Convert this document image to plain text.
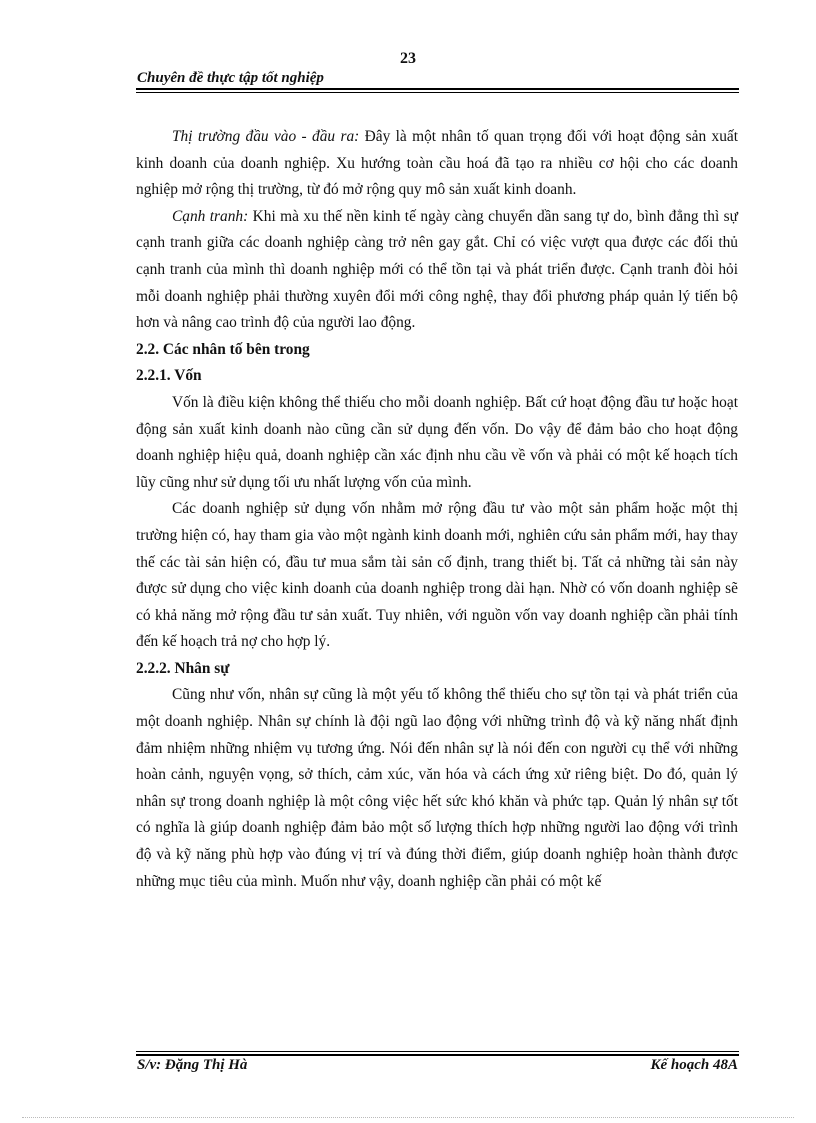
23
Chuyên đề thực tập tốt nghiệp

Thị trường đầu vào - đầu ra: Đây là một nhân tố quan trọng đối với hoạt động sản xuất kinh doanh của doanh nghiệp. Xu hướng toàn cầu hoá đã tạo ra nhiều cơ hội cho các doanh nghiệp mở rộng thị trường, từ đó mở rộng quy mô sản xuất kinh doanh.

Cạnh tranh: Khi mà xu thế nền kinh tế ngày càng chuyển dần sang tự do, bình đẳng thì sự cạnh tranh giữa các doanh nghiệp càng trở nên gay gắt. Chỉ có việc vượt qua được các đối thủ cạnh tranh của mình thì doanh nghiệp mới có thể tồn tại và phát triển được. Cạnh tranh đòi hỏi mỗi doanh nghiệp phải thường xuyên đổi mới công nghệ, thay đổi phương pháp quản lý tiến bộ hơn và nâng cao trình độ của người lao động.

2.2. Các nhân tố bên trong
2.2.1. Vốn

Vốn là điều kiện không thể thiếu cho mỗi doanh nghiệp. Bất cứ hoạt động đầu tư hoặc hoạt động sản xuất kinh doanh nào cũng cần sử dụng đến vốn. Do vậy để đảm bảo cho hoạt động doanh nghiệp hiệu quả, doanh nghiệp cần xác định nhu cầu về vốn và phải có một kế hoạch tích lũy cũng như sử dụng tối ưu nhất lượng vốn của mình.

Các doanh nghiệp sử dụng vốn nhằm mở rộng đầu tư vào một sản phẩm hoặc một thị trường hiện có, hay tham gia vào một ngành kinh doanh mới, nghiên cứu sản phẩm mới, hay thay thế các tài sản hiện có, đầu tư mua sắm tài sản cố định, trang thiết bị. Tất cả những tài sản này được sử dụng cho việc kinh doanh của doanh nghiệp trong dài hạn. Nhờ có vốn doanh nghiệp sẽ có khả năng mở rộng đầu tư sản xuất. Tuy nhiên, với nguồn vốn vay doanh nghiệp cần phải tính đến kế hoạch trả nợ cho hợp lý.

2.2.2. Nhân sự

Cũng như vốn, nhân sự cũng là một yếu tố không thể thiếu cho sự tồn tại và phát triển của một doanh nghiệp. Nhân sự chính là đội ngũ lao động với những trình độ và kỹ năng nhất định đảm nhiệm những nhiệm vụ tương ứng. Nói đến nhân sự là nói đến con người cụ thể với những hoàn cảnh, nguyện vọng, sở thích, cảm xúc, văn hóa và cách ứng xử riêng biệt. Do đó, quản lý nhân sự trong doanh nghiệp là một công việc hết sức khó khăn và phức tạp. Quản lý nhân sự tốt có nghĩa là giúp doanh nghiệp đảm bảo một số lượng thích hợp những người lao động với trình độ và kỹ năng phù hợp vào đúng vị trí và đúng thời điểm, giúp doanh nghiệp hoàn thành được những mục tiêu của mình. Muốn như vậy, doanh nghiệp cần phải có một kế

S/v: Đặng Thị Hà	Kế hoạch 48A
